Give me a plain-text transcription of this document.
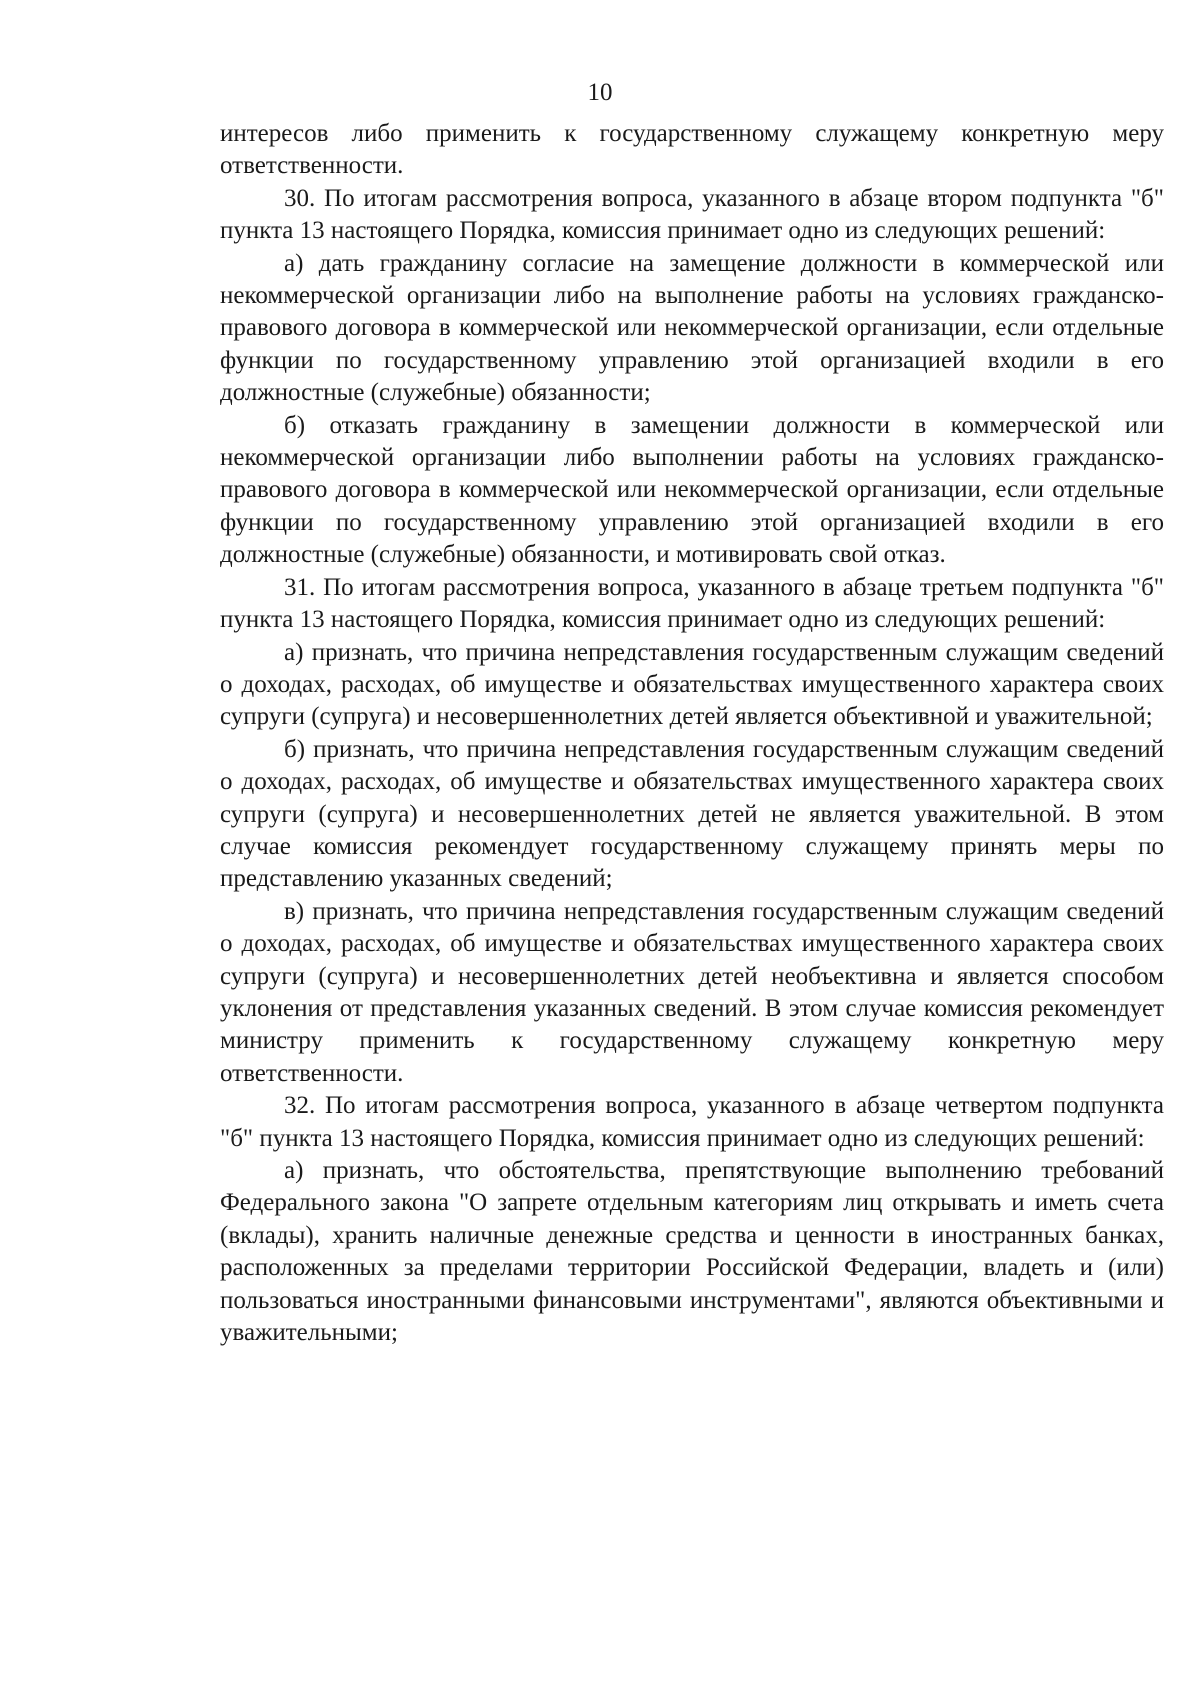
10

интересов либо применить к государственному служащему конкретную меру ответственности.

30. По итогам рассмотрения вопроса, указанного в абзаце втором подпункта "б" пункта 13 настоящего Порядка, комиссия принимает одно из следующих решений:

а) дать гражданину согласие на замещение должности в коммерческой или некоммерческой организации либо на выполнение работы на условиях гражданско-правового договора в коммерческой или некоммерческой организации, если отдельные функции по государственному управлению этой организацией входили в его должностные (служебные) обязанности;

б) отказать гражданину в замещении должности в коммерческой или некоммерческой организации либо выполнении работы на условиях гражданско-правового договора в коммерческой или некоммерческой организации, если отдельные функции по государственному управлению этой организацией входили в его должностные (служебные) обязанности, и мотивировать свой отказ.

31. По итогам рассмотрения вопроса, указанного в абзаце третьем подпункта "б" пункта 13 настоящего Порядка, комиссия принимает одно из следующих решений:

а) признать, что причина непредставления государственным служащим сведений о доходах, расходах, об имуществе и обязательствах имущественного характера своих супруги (супруга) и несовершеннолетних детей является объективной и уважительной;

б) признать, что причина непредставления государственным служащим сведений о доходах, расходах, об имуществе и обязательствах имущественного характера своих супруги (супруга) и несовершеннолетних детей не является уважительной. В этом случае комиссия рекомендует государственному служащему принять меры по представлению указанных сведений;

в) признать, что причина непредставления государственным служащим сведений о доходах, расходах, об имуществе и обязательствах имущественного характера своих супруги (супруга) и несовершеннолетних детей необъективна и является способом уклонения от представления указанных сведений. В этом случае комиссия рекомендует министру применить к государственному служащему конкретную меру ответственности.

32. По итогам рассмотрения вопроса, указанного в абзаце четвертом подпункта "б" пункта 13 настоящего Порядка, комиссия принимает одно из следующих решений:

а) признать, что обстоятельства, препятствующие выполнению требований Федерального закона "О запрете отдельным категориям лиц открывать и иметь счета (вклады), хранить наличные денежные средства и ценности в иностранных банках, расположенных за пределами территории Российской Федерации, владеть и (или) пользоваться иностранными финансовыми инструментами", являются объективными и уважительными;
